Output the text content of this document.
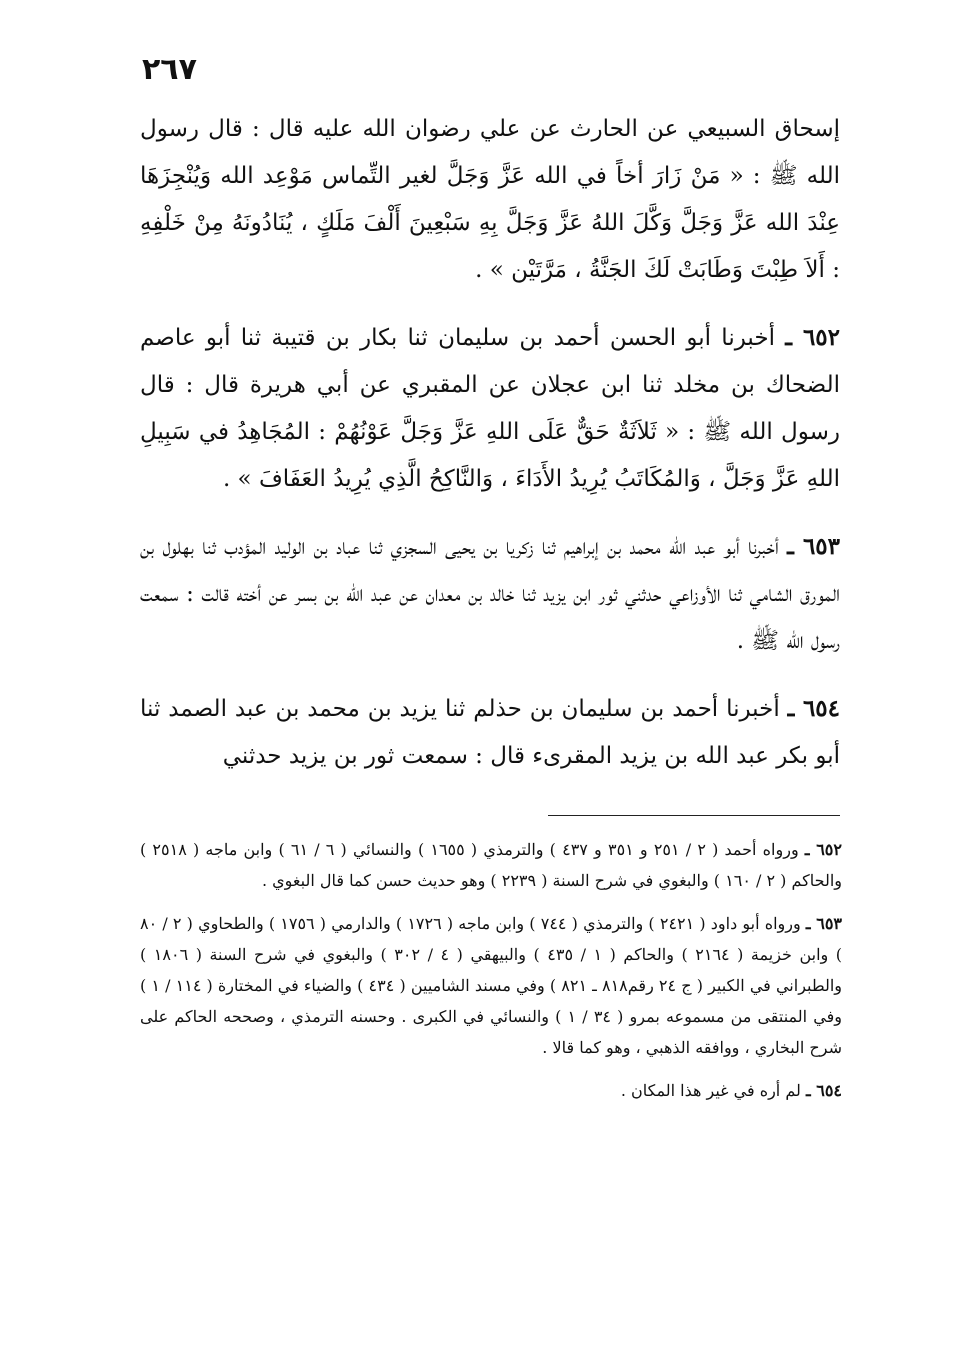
٢٦٧

إسحاق السبيعي عن الحارث عن علي رضوان الله عليه قال : قال رسول الله ﷺ : « مَنْ زَارَ أخاً في الله عَزَّ وَجَلَّ لغير التِّماس مَوْعِد الله وَيُنْجِزَهَا عِنْدَ الله عَزَّ وَجَلَّ وَكَّلَ اللهُ عَزَّ وَجَلَّ بِهِ سَبْعِينَ أَلْفَ مَلَكٍ ، يُنَادُونَهُ مِنْ خَلْفِهِ : أَلاَ طِبْتَ وَطَابَتْ لَكَ الجَنَّةُ ، مَرَّتَيْن » .

٦٥٢ ـ أخبرنا أبو الحسن أحمد بن سليمان ثنا بكار بن قتيبة ثنا أبو عاصم الضحاك بن مخلد ثنا ابن عجلان عن المقبري عن أبي هريرة قال : قال رسول الله ﷺ : « ثَلاَثَةٌ حَقٌّ عَلَى اللهِ عَزَّ وَجَلَّ عَوْنُهُمْ : المُجَاهِدُ في سَبِيلِ اللهِ عَزَّ وَجَلَّ ، وَالمُكَاتَبُ يُرِيدُ الأَدَاءَ ، وَالنَّاكِحُ الَّذِي يُرِيدُ العَفَافَ » .

٦٥٣ ـ أخبرنا أبو عبد الله محمد بن إبراهيم ثنا زكريا بن يحيى السجزي ثنا عباد بن الوليد المؤدب ثنا بهلول بن المورق الشامي ثنا الأوزاعي حدثني ثور ابن يزيد ثنا خالد بن معدان عن عبد الله بن بسر عن أخته قالت : سمعت رسول الله ﷺ .

٦٥٤ ـ أخبرنا أحمد بن سليمان بن حذلم ثنا يزيد بن محمد بن عبد الصمد ثنا أبو بكر عبد الله بن يزيد المقرىء قال : سمعت ثور بن يزيد حدثني

٦٥٢ ـ ورواه أحمد ( ٢ / ٢٥١ و ٣٥١ و ٤٣٧ ) والترمذي ( ١٦٥٥ ) والنسائي ( ٦ / ٦١ ) وابن ماجه ( ٢٥١٨ ) والحاكم ( ٢ / ١٦٠ ) والبغوي في شرح السنة ( ٢٢٣٩ ) وهو حديث حسن كما قال البغوي .

٦٥٣ ـ ورواه أبو داود ( ٢٤٢١ ) والترمذي ( ٧٤٤ ) وابن ماجه ( ١٧٢٦ ) والدارمي ( ١٧٥٦ ) والطحاوي ( ٢ / ٨٠ ) وابن خزيمة ( ٢١٦٤ ) والحاكم ( ١ / ٤٣٥ ) والبيهقي ( ٤ / ٣٠٢ ) والبغوي في شرح السنة ( ١٨٠٦ ) والطبراني في الكبير ( ج ٢٤ رقم٨١٨ ـ ٨٢١ ) وفي مسند الشاميين ( ٤٣٤ ) والضياء في المختارة ( ١١٤ / ١ ) وفي المنتقى من مسموعه بمرو ( ٣٤ / ١ ) والنسائي في الكبرى . وحسنه الترمذي ، وصححه الحاكم على شرح البخاري ، ووافقه الذهبي ، وهو كما قالا .

٦٥٤ ـ لم أره في غير هذا المكان .
